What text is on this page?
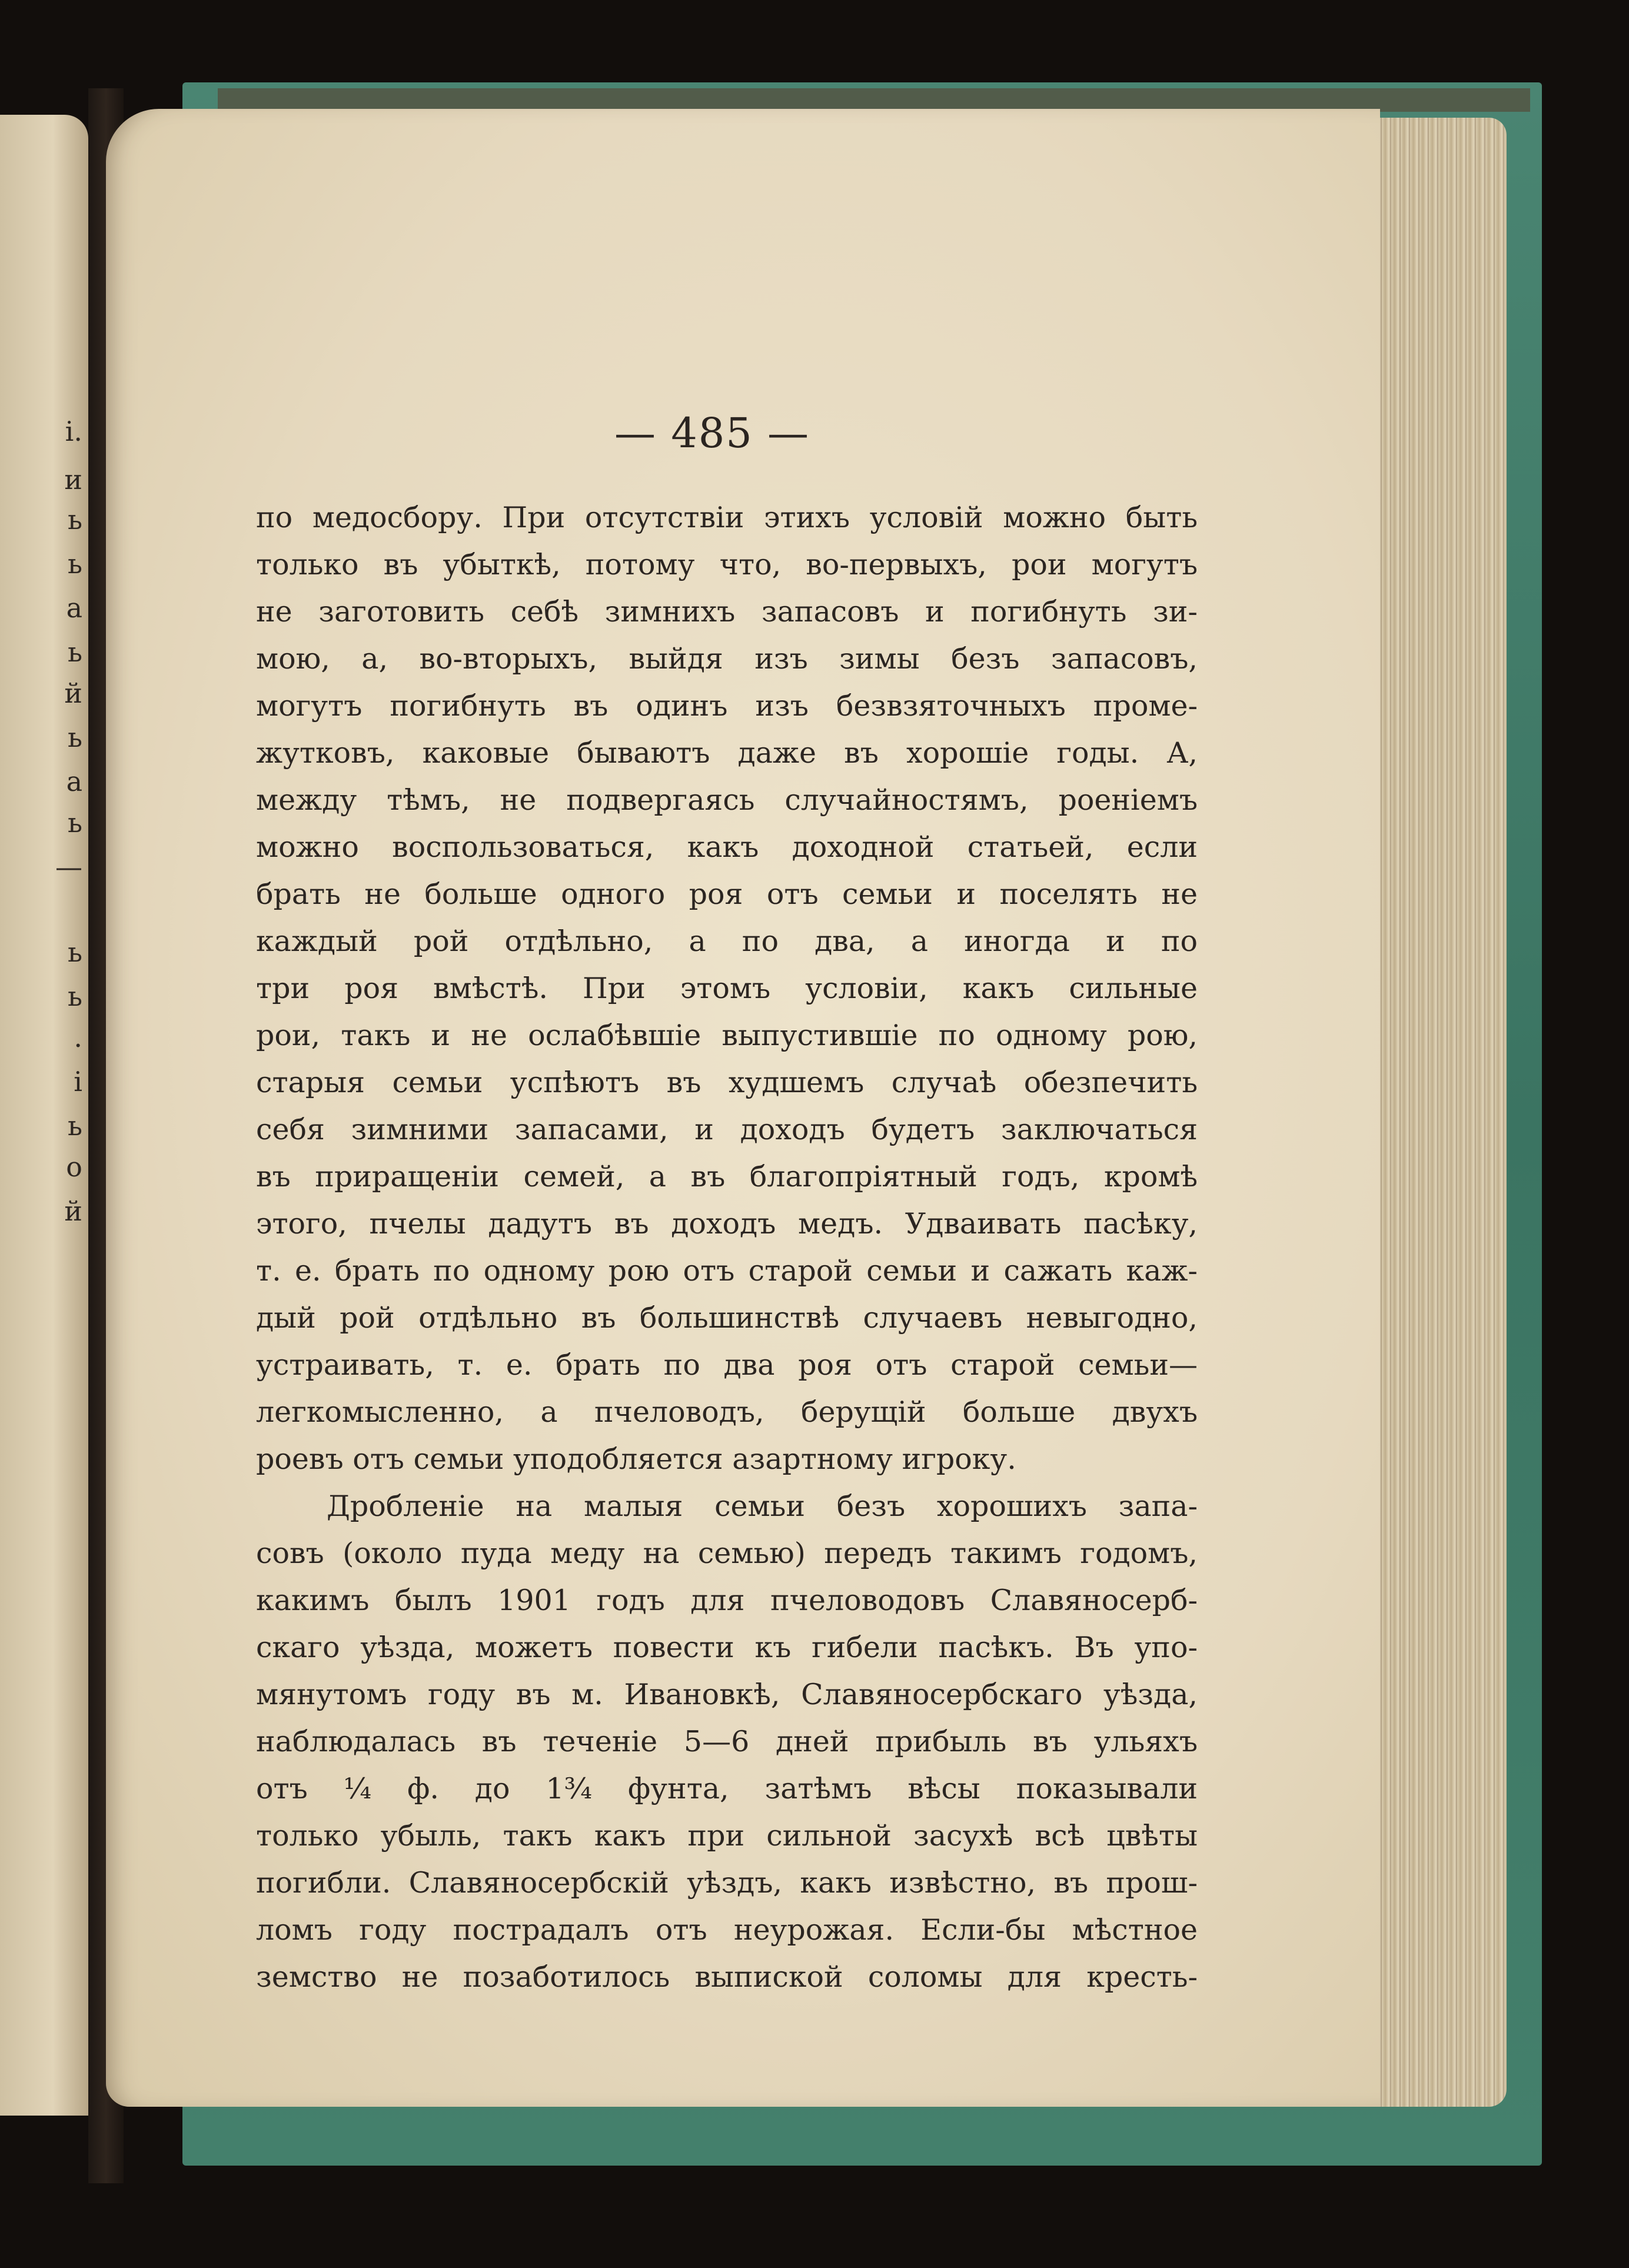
і.
и
ь
ь
а
ь
й
ь
а
ь
—
ь
ь
.
і
ь
о
й
— 485 —
по медосбору. При отсутствіи этихъ условій можно быть
только въ убыткѣ, потому что, во-первыхъ, рои могутъ
не заготовить себѣ зимнихъ запасовъ и погибнуть зи-
мою, а, во-вторыхъ, выйдя изъ зимы безъ запасовъ,
могутъ погибнуть въ одинъ изъ безвзяточныхъ проме-
жутковъ, каковые бываютъ даже въ хорошіе годы. А,
между тѣмъ, не подвергаясь случайностямъ, роеніемъ
можно воспользоваться, какъ доходной статьей, если
брать не больше одного роя отъ семьи и поселять не
каждый рой отдѣльно, а по два, а иногда и по
три роя вмѣстѣ. При этомъ условіи, какъ сильные
рои, такъ и не ослабѣвшіе выпустившіе по одному рою,
старыя семьи успѣютъ въ худшемъ случаѣ обезпечить
себя зимними запасами, и доходъ будетъ заключаться
въ приращеніи семей, а въ благопріятный годъ, кромѣ
этого, пчелы дадутъ въ доходъ медъ. Удваивать пасѣку,
т. е. брать по одному рою отъ старой семьи и сажать каж-
дый рой отдѣльно въ большинствѣ случаевъ невыгодно,
устраивать, т. е. брать по два роя отъ старой семьи—
легкомысленно, а пчеловодъ, берущій больше двухъ
роевъ отъ семьи уподобляется азартному игроку.
Дробленіе на малыя семьи безъ хорошихъ запа-
совъ (около пуда меду на семью) передъ такимъ годомъ,
какимъ былъ 1901 годъ для пчеловодовъ Славяносерб-
скаго уѣзда, можетъ повести къ гибели пасѣкъ. Въ упо-
мянутомъ году въ м. Ивановкѣ, Славяносербскаго уѣзда,
наблюдалась въ теченіе 5—6 дней прибыль въ ульяхъ
отъ ¼ ф. до 1¾ фунта, затѣмъ вѣсы показывали
только убыль, такъ какъ при сильной засухѣ всѣ цвѣты
погибли. Славяносербскій уѣздъ, какъ извѣстно, въ прош-
ломъ году пострадалъ отъ неурожая. Если-бы мѣстное
земство не позаботилось выпиской соломы для кресть-
